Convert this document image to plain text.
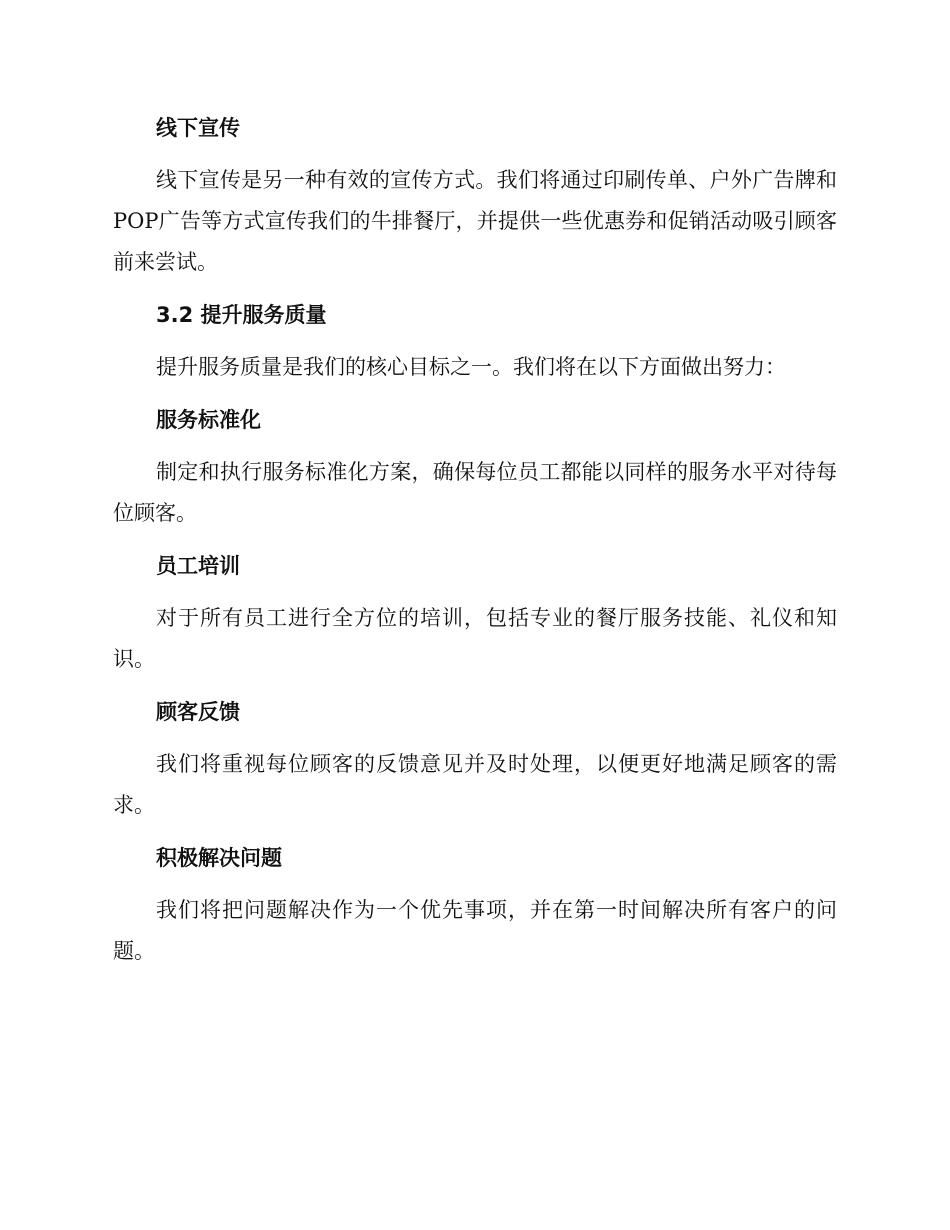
线下宣传

线下宣传是另一种有效的宣传方式。我们将通过印刷传单、户外广告牌和POP广告等方式宣传我们的牛排餐厅，并提供一些优惠券和促销活动吸引顾客前来尝试。

3.2 提升服务质量

提升服务质量是我们的核心目标之一。我们将在以下方面做出努力：

服务标准化

制定和执行服务标准化方案，确保每位员工都能以同样的服务水平对待每位顾客。

员工培训

对于所有员工进行全方位的培训，包括专业的餐厅服务技能、礼仪和知识。

顾客反馈

我们将重视每位顾客的反馈意见并及时处理，以便更好地满足顾客的需求。

积极解决问题

我们将把问题解决作为一个优先事项，并在第一时间解决所有客户的问题。
